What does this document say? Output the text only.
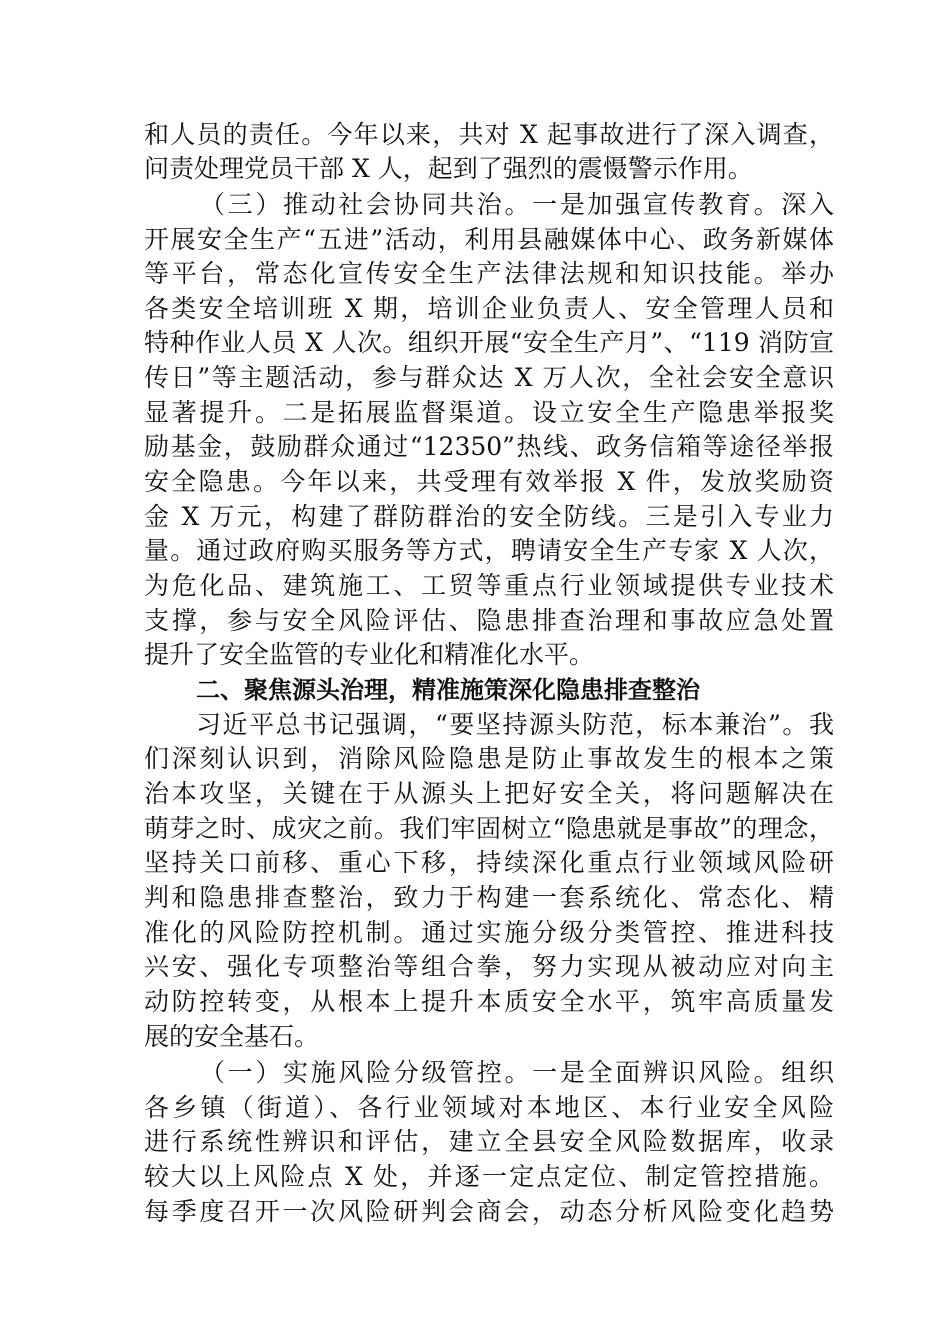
和人员的责任。今年以来，共对 X 起事故进行了深入调查，
问责处理党员干部 X 人，起到了强烈的震慑警示作用。
（三）推动社会协同共治。一是加强宣传教育。深入
开展安全生产“五进”活动，利用县融媒体中心、政务新媒体
等平台，常态化宣传安全生产法律法规和知识技能。举办
各类安全培训班 X 期，培训企业负责人、安全管理人员和
特种作业人员 X 人次。组织开展“安全生产月”、“119 消防宣
传日”等主题活动，参与群众达 X 万人次，全社会安全意识
显著提升。二是拓展监督渠道。设立安全生产隐患举报奖
励基金，鼓励群众通过“12350”热线、政务信箱等途径举报
安全隐患。今年以来，共受理有效举报 X 件，发放奖励资
金 X 万元，构建了群防群治的安全防线。三是引入专业力
量。通过政府购买服务等方式，聘请安全生产专家 X 人次，
为危化品、建筑施工、工贸等重点行业领域提供专业技术
支撑，参与安全风险评估、隐患排查治理和事故应急处置
提升了安全监管的专业化和精准化水平。
二、聚焦源头治理，精准施策深化隐患排查整治
习近平总书记强调，“要坚持源头防范，标本兼治”。我
们深刻认识到，消除风险隐患是防止事故发生的根本之策
治本攻坚，关键在于从源头上把好安全关，将问题解决在
萌芽之时、成灾之前。我们牢固树立“隐患就是事故”的理念，
坚持关口前移、重心下移，持续深化重点行业领域风险研
判和隐患排查整治，致力于构建一套系统化、常态化、精
准化的风险防控机制。通过实施分级分类管控、推进科技
兴安、强化专项整治等组合拳，努力实现从被动应对向主
动防控转变，从根本上提升本质安全水平，筑牢高质量发
展的安全基石。
（一）实施风险分级管控。一是全面辨识风险。组织
各乡镇（街道）、各行业领域对本地区、本行业安全风险
进行系统性辨识和评估，建立全县安全风险数据库，收录
较大以上风险点 X 处，并逐一定点定位、制定管控措施。
每季度召开一次风险研判会商会，动态分析风险变化趋势
